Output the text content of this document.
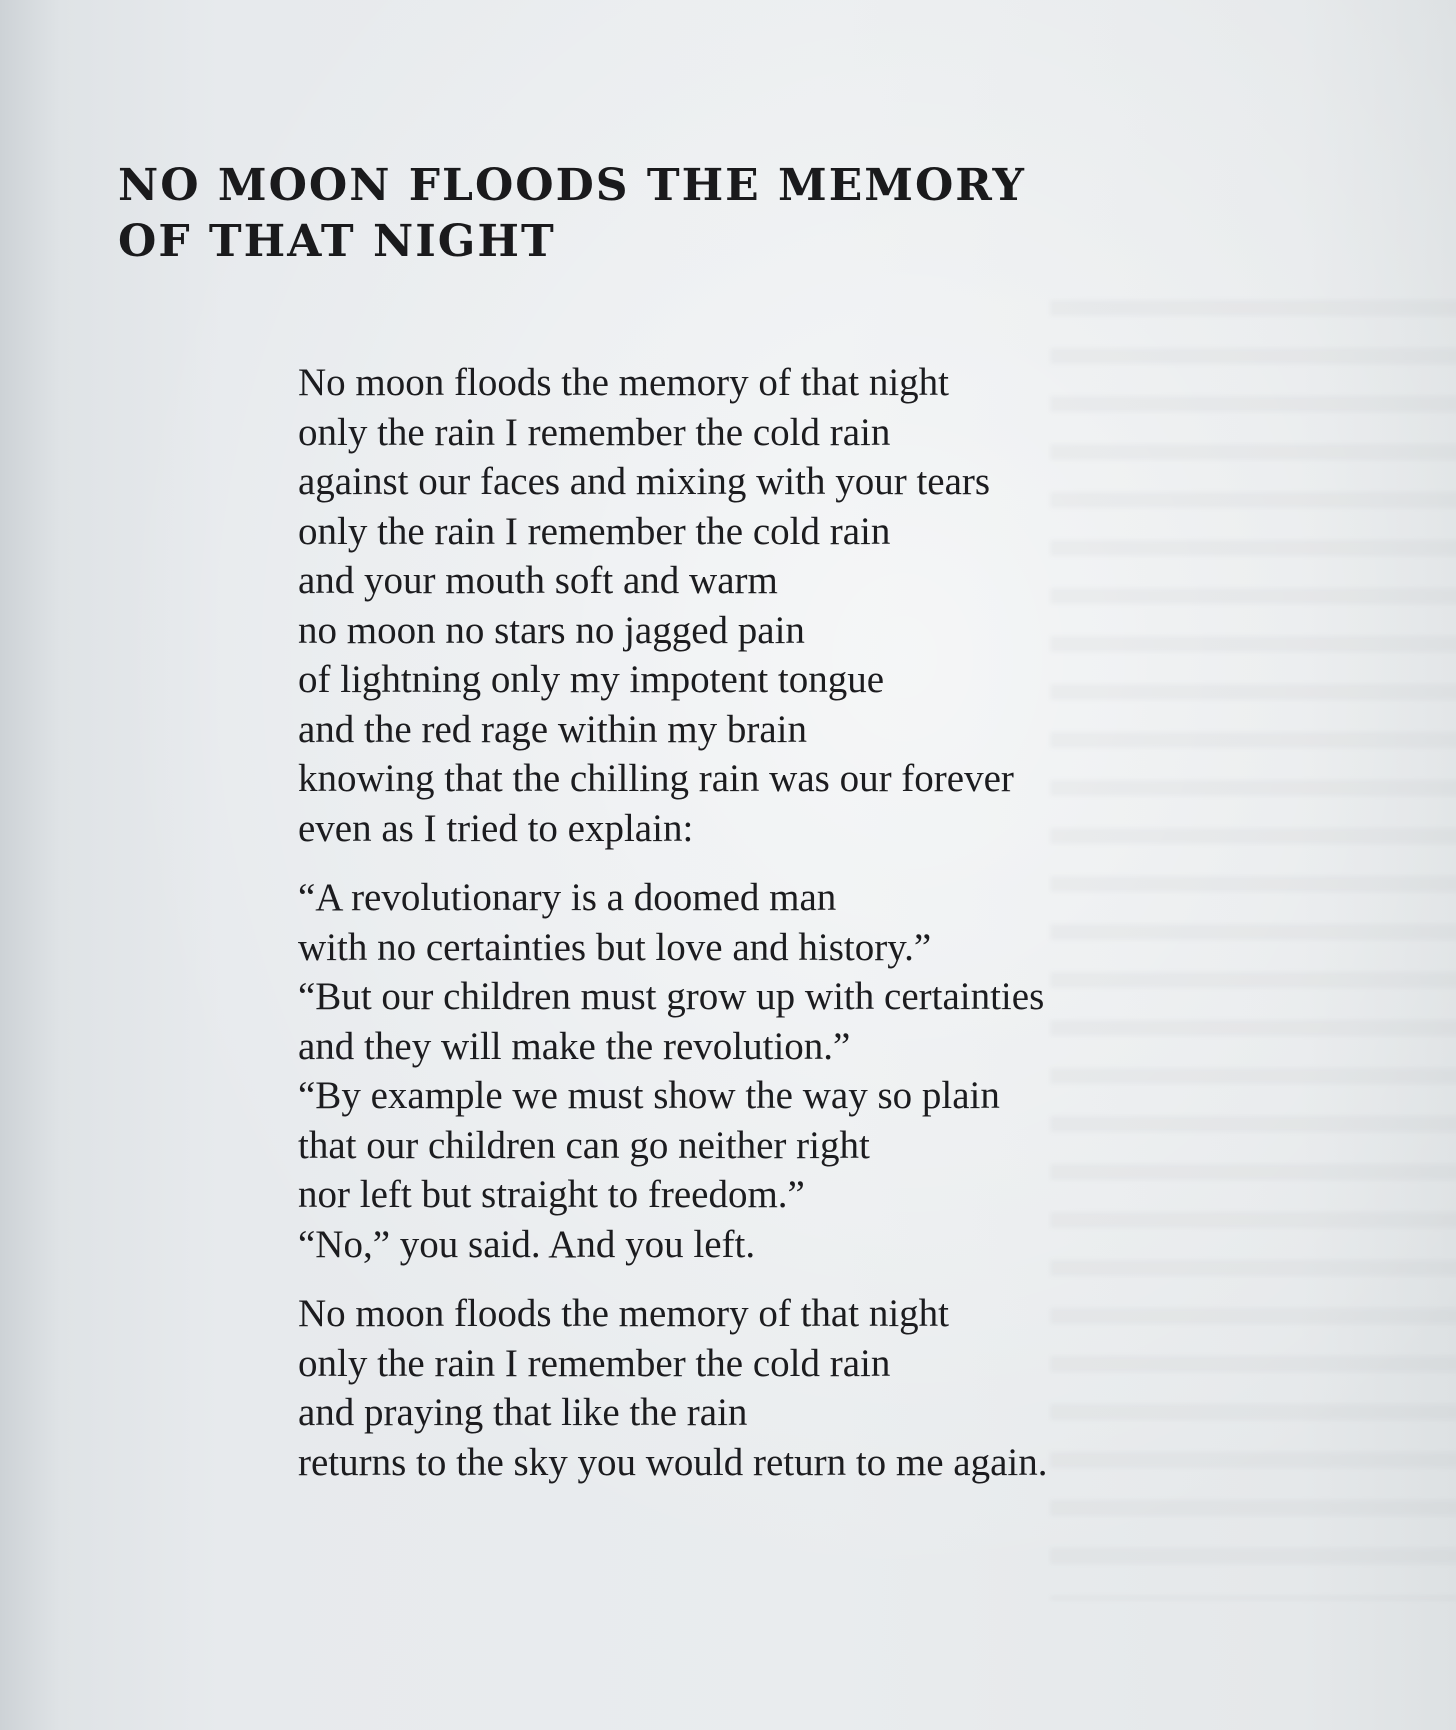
NO MOON FLOODS THE MEMORY
OF THAT NIGHT
No moon floods the memory of that night
only the rain I remember the cold rain
against our faces and mixing with your tears
only the rain I remember the cold rain
and your mouth soft and warm
no moon no stars no jagged pain
of lightning only my impotent tongue
and the red rage within my brain
knowing that the chilling rain was our forever
even as I tried to explain:
“A revolutionary is a doomed man
with no certainties but love and history.”
“But our children must grow up with certainties
and they will make the revolution.”
“By example we must show the way so plain
that our children can go neither right
nor left but straight to freedom.”
“No,” you said. And you left.
No moon floods the memory of that night
only the rain I remember the cold rain
and praying that like the rain
returns to the sky you would return to me again.
